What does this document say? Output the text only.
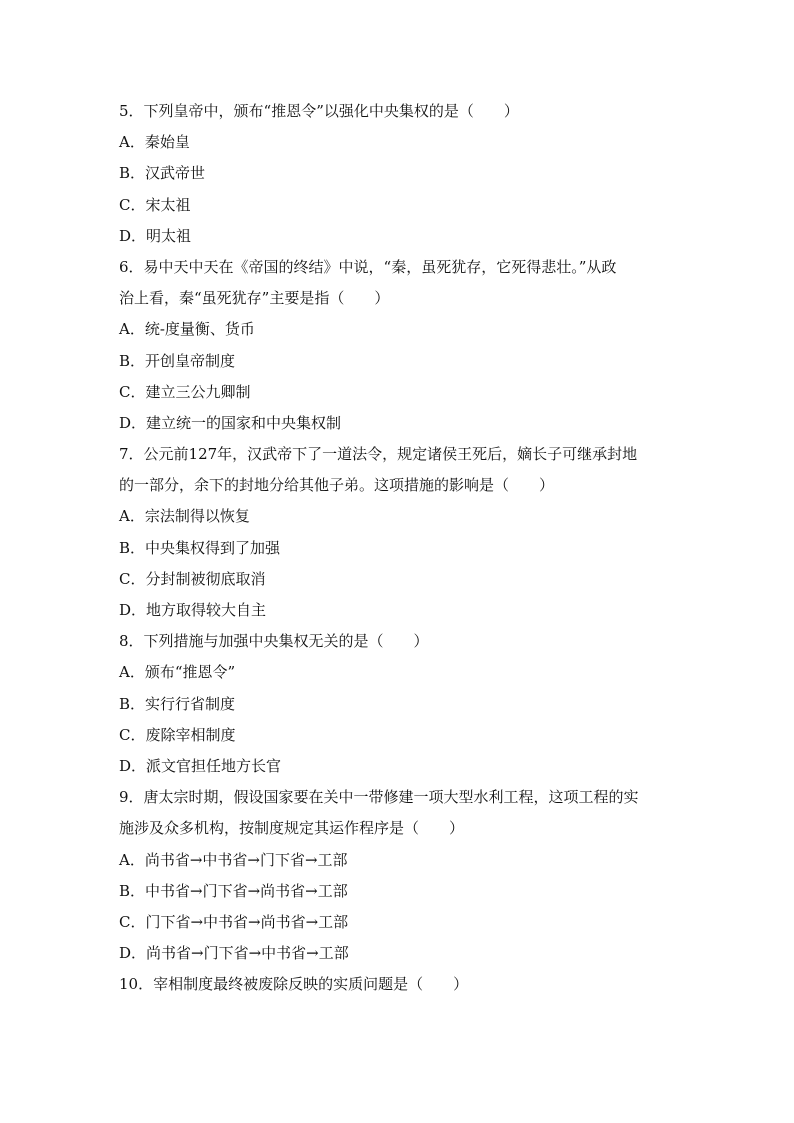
5．下列皇帝中，颁布“推恩令”以强化中央集权的是（　　）
A．秦始皇
B．汉武帝世
C．宋太祖
D．明太祖
6．易中天中天在《帝国的终结》中说，“秦，虽死犹存，它死得悲壮。”从政
治上看，秦“虽死犹存”主要是指（　　）
A．统-度量衡、货币
B．开创皇帝制度
C．建立三公九卿制
D．建立统一的国家和中央集权制
7．公元前127年，汉武帝下了一道法令，规定诸侯王死后，嫡长子可继承封地
的一部分，余下的封地分给其他子弟。这项措施的影响是（　　）
A．宗法制得以恢复
B．中央集权得到了加强
C．分封制被彻底取消
D．地方取得较大自主
8．下列措施与加强中央集权无关的是（　　）
A．颁布“推恩令”
B．实行行省制度
C．废除宰相制度
D．派文官担任地方长官
9．唐太宗时期，假设国家要在关中一带修建一项大型水利工程，这项工程的实
施涉及众多机构，按制度规定其运作程序是（　　）
A．尚书省→中书省→门下省→工部
B．中书省→门下省→尚书省→工部
C．门下省→中书省→尚书省→工部
D．尚书省→门下省→中书省→工部
10．宰相制度最终被废除反映的实质问题是（　　）
